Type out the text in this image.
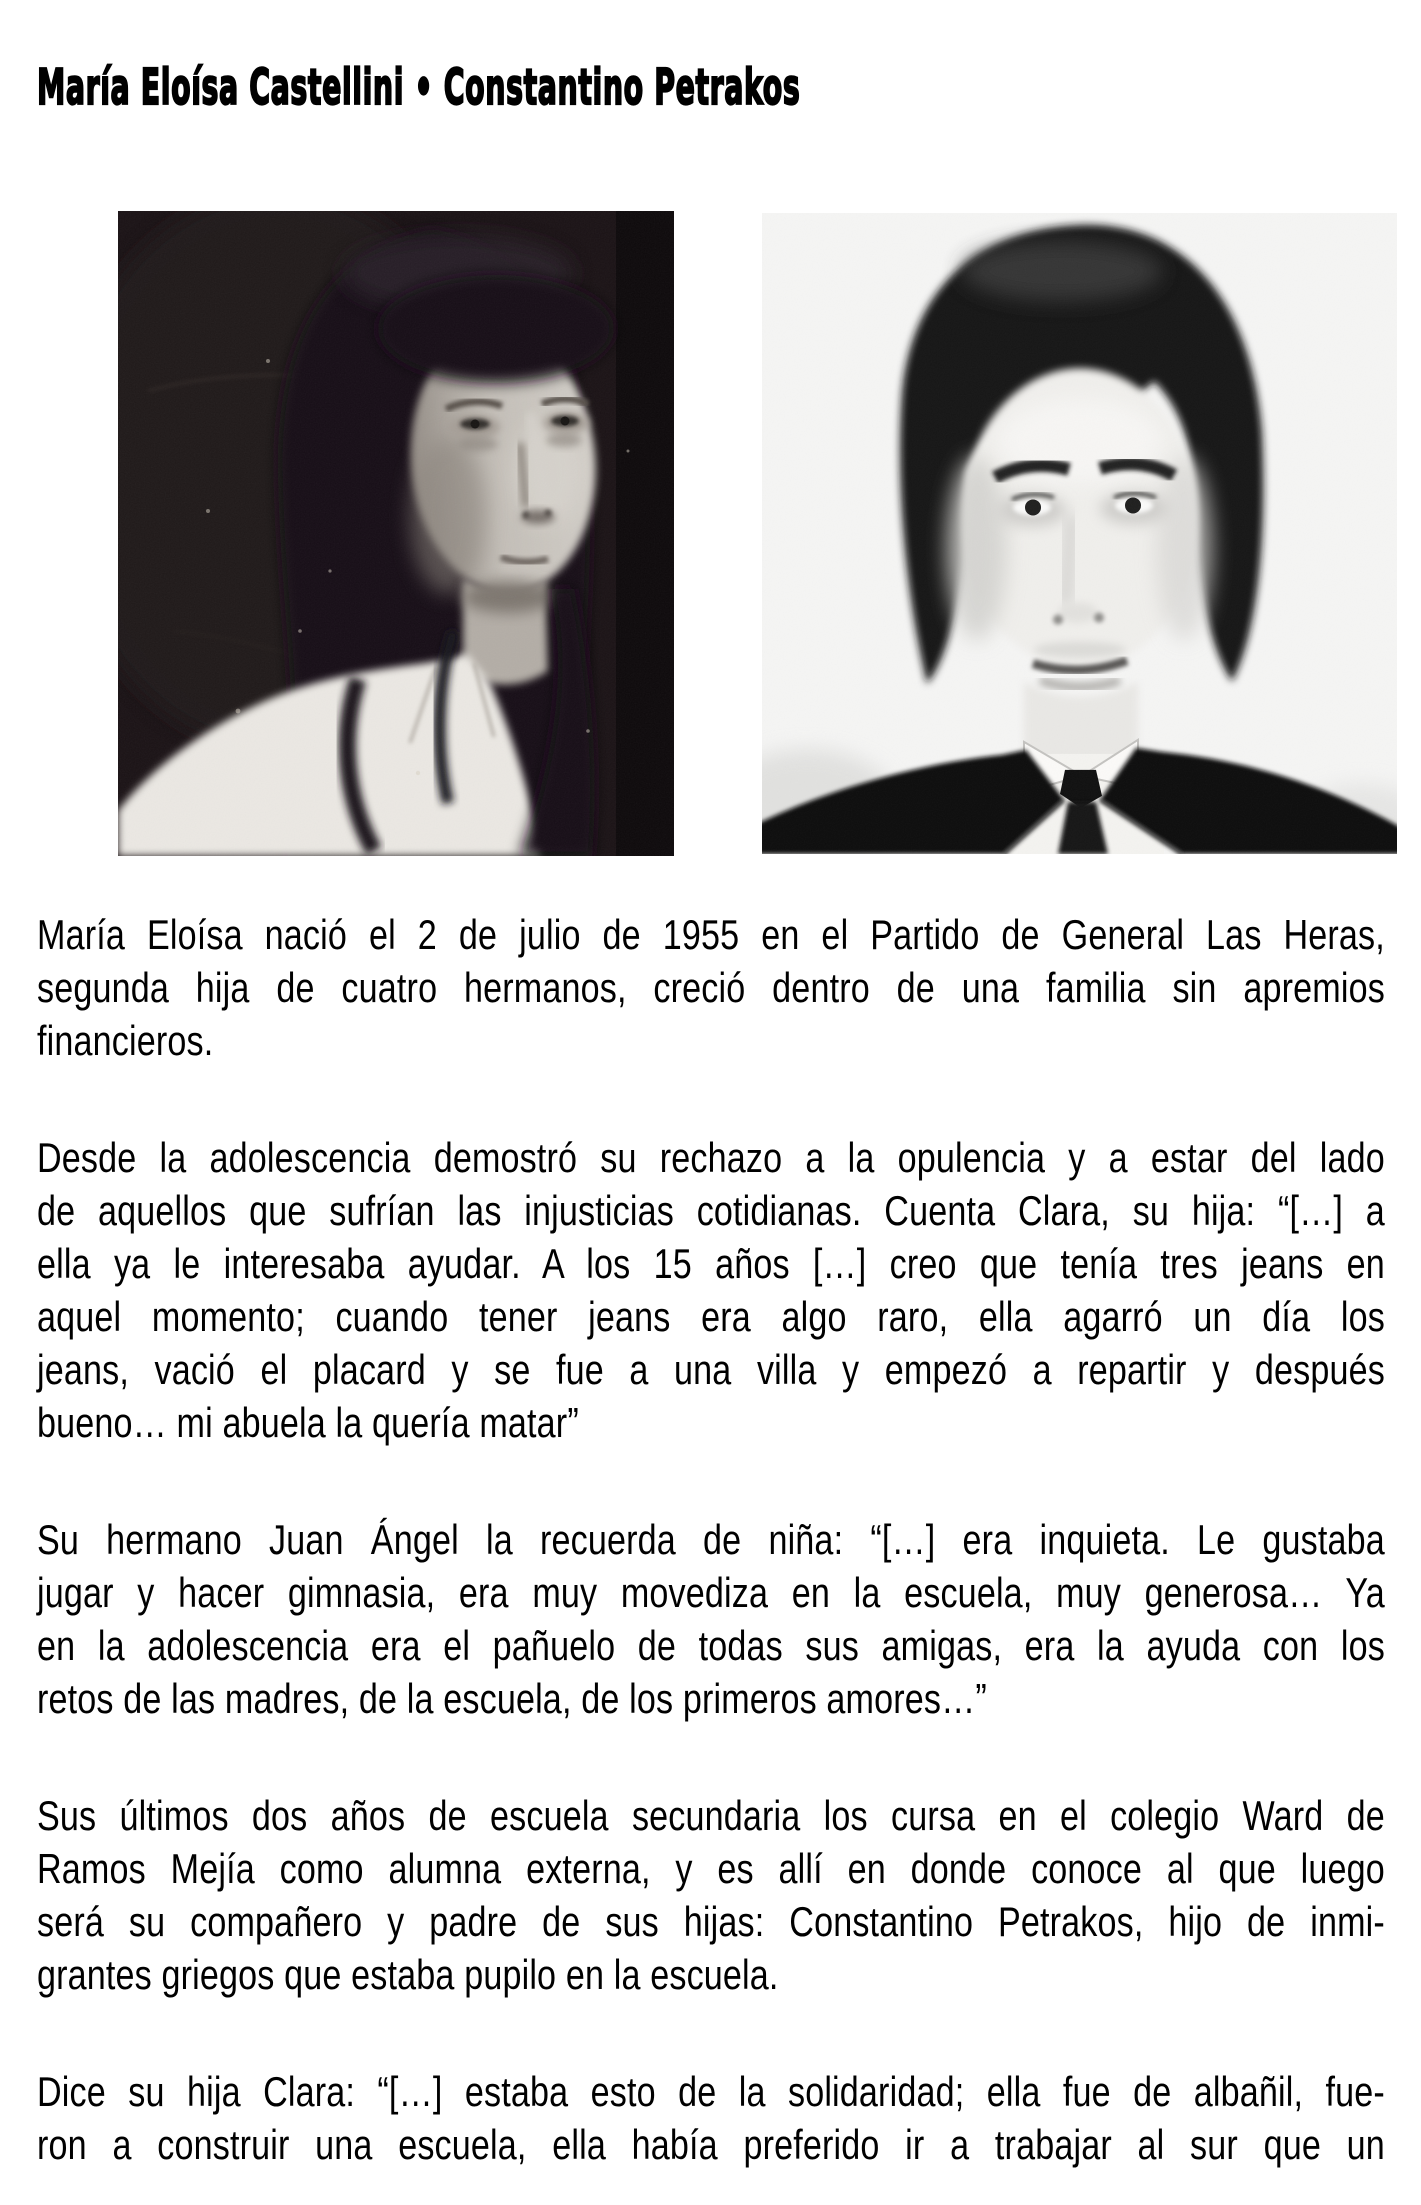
María Eloísa Castellini • Constantino Petrakos
María Eloísa nació el 2 de julio de 1955 en el Partido de General Las Heras,
segunda hija de cuatro hermanos, creció dentro de una familia sin apremios
financieros.
Desde la adolescencia demostró su rechazo a la opulencia y a estar del lado
de aquellos que sufrían las injusticias cotidianas. Cuenta Clara, su hija: “[…] a
ella ya le interesaba ayudar. A los 15 años […] creo que tenía tres jeans en
aquel momento; cuando tener jeans era algo raro, ella agarró un día los
jeans, vació el placard y se fue a una villa y empezó a repartir y después
bueno… mi abuela la quería matar”
Su hermano Juan Ángel la recuerda de niña: “[…] era inquieta. Le gustaba
jugar y hacer gimnasia, era muy movediza en la escuela, muy generosa… Ya
en la adolescencia era el pañuelo de todas sus amigas, era la ayuda con los
retos de las madres, de la escuela, de los primeros amores…”
Sus últimos dos años de escuela secundaria los cursa en el colegio Ward de
Ramos Mejía como alumna externa, y es allí en donde conoce al que luego
será su compañero y padre de sus hijas: Constantino Petrakos, hijo de inmi-
grantes griegos que estaba pupilo en la escuela.
Dice su hija Clara: “[…] estaba esto de la solidaridad; ella fue de albañil, fue-
ron a construir una escuela, ella había preferido ir a trabajar al sur que un
